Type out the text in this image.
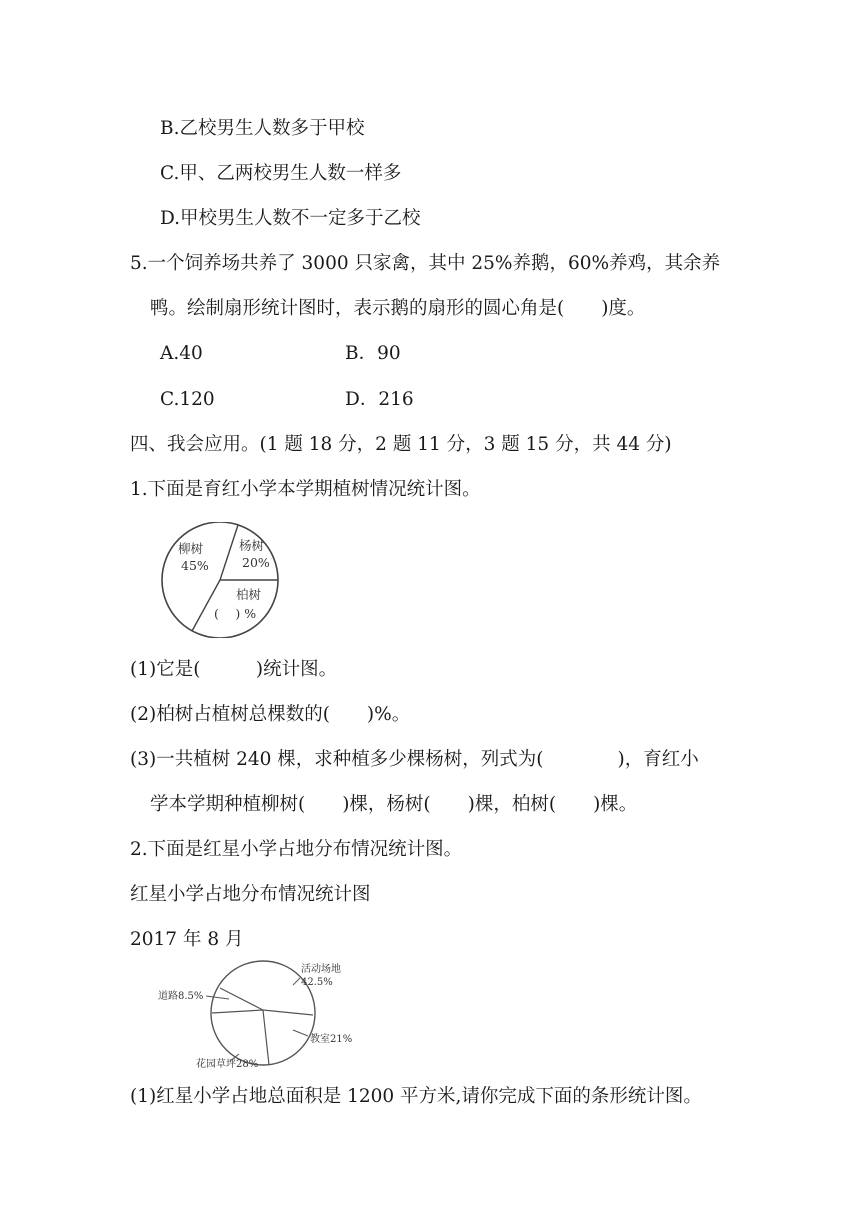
B.乙校男生人数多于甲校
C.甲、乙两校男生人数一样多
D.甲校男生人数不一定多于乙校
5.一个饲养场共养了 3000 只家禽，其中 25%养鹅，60%养鸡，其余养
鸭。绘制扇形统计图时，表示鹅的扇形的圆心角是(　　)度。
A.40	B．90
C.120	D．216
四、我会应用。(1 题 18 分，2 题 11 分，3 题 15 分，共 44 分)
1.下面是育红小学本学期植树情况统计图。
柳树
45%
杨树
20%
柏树
(　 ) %
(1)它是(　　　)统计图。
(2)柏树占植树总棵数的(　　)%。
(3)一共植树 240 棵，求种植多少棵杨树，列式为(　　　　)，育红小
学本学期种植柳树(　　)棵，杨树(　　)棵，柏树(　　)棵。
2.下面是红星小学占地分布情况统计图。
红星小学占地分布情况统计图
2017 年 8 月
活动场地
42.5%
道路8.5%
教室21%
花园草坪28%
(1)红星小学占地总面积是 1200 平方米,请你完成下面的条形统计图。
